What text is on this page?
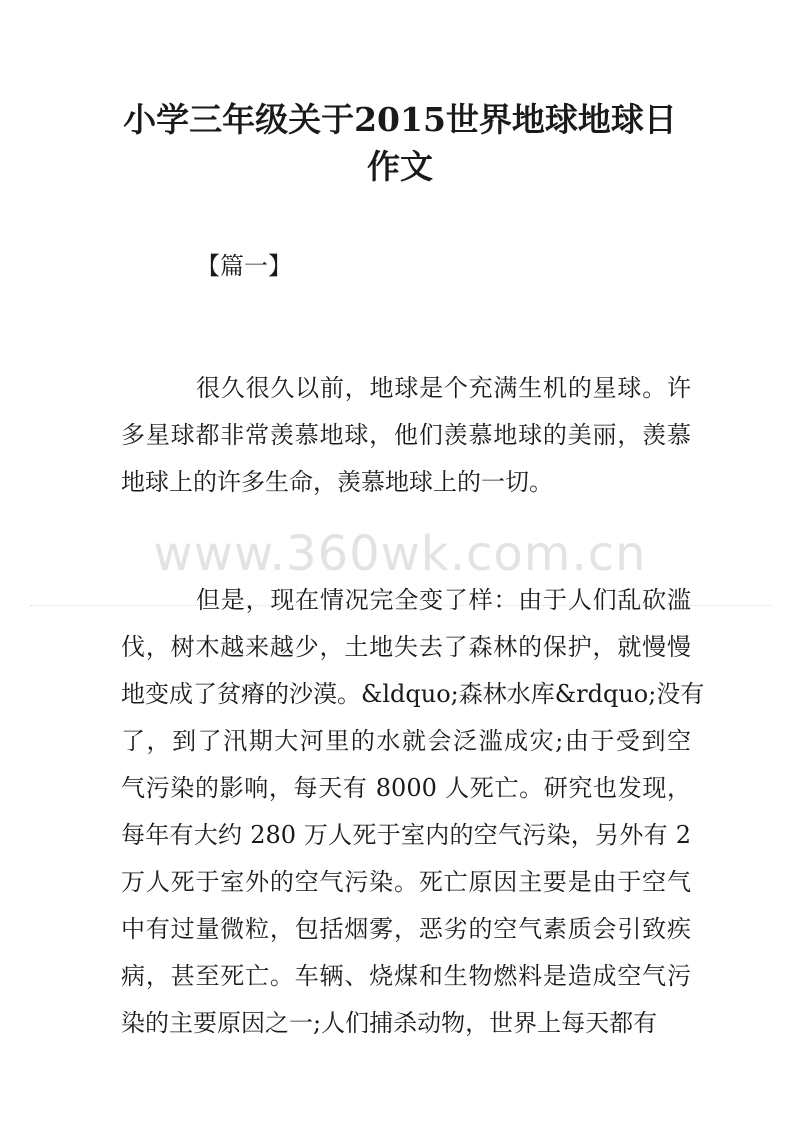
小学三年级关于2015世界地球地球日
作文
【篇一】
很久很久以前，地球是个充满生机的星球。许
多星球都非常羡慕地球，他们羡慕地球的美丽，羡慕
地球上的许多生命，羡慕地球上的一切。
www.360wk.com.cn
但是，现在情况完全变了样：由于人们乱砍滥
伐，树木越来越少，土地失去了森林的保护，就慢慢
地变成了贫瘠的沙漠。&ldquo;森林水库&rdquo;没有
了，到了汛期大河里的水就会泛滥成灾;由于受到空
气污染的影响，每天有 8000 人死亡。研究也发现，
每年有大约 280 万人死于室内的空气污染，另外有 2
万人死于室外的空气污染。死亡原因主要是由于空气
中有过量微粒，包括烟雾，恶劣的空气素质会引致疾
病，甚至死亡。车辆、烧煤和生物燃料是造成空气污
染的主要原因之一;人们捕杀动物，世界上每天都有
